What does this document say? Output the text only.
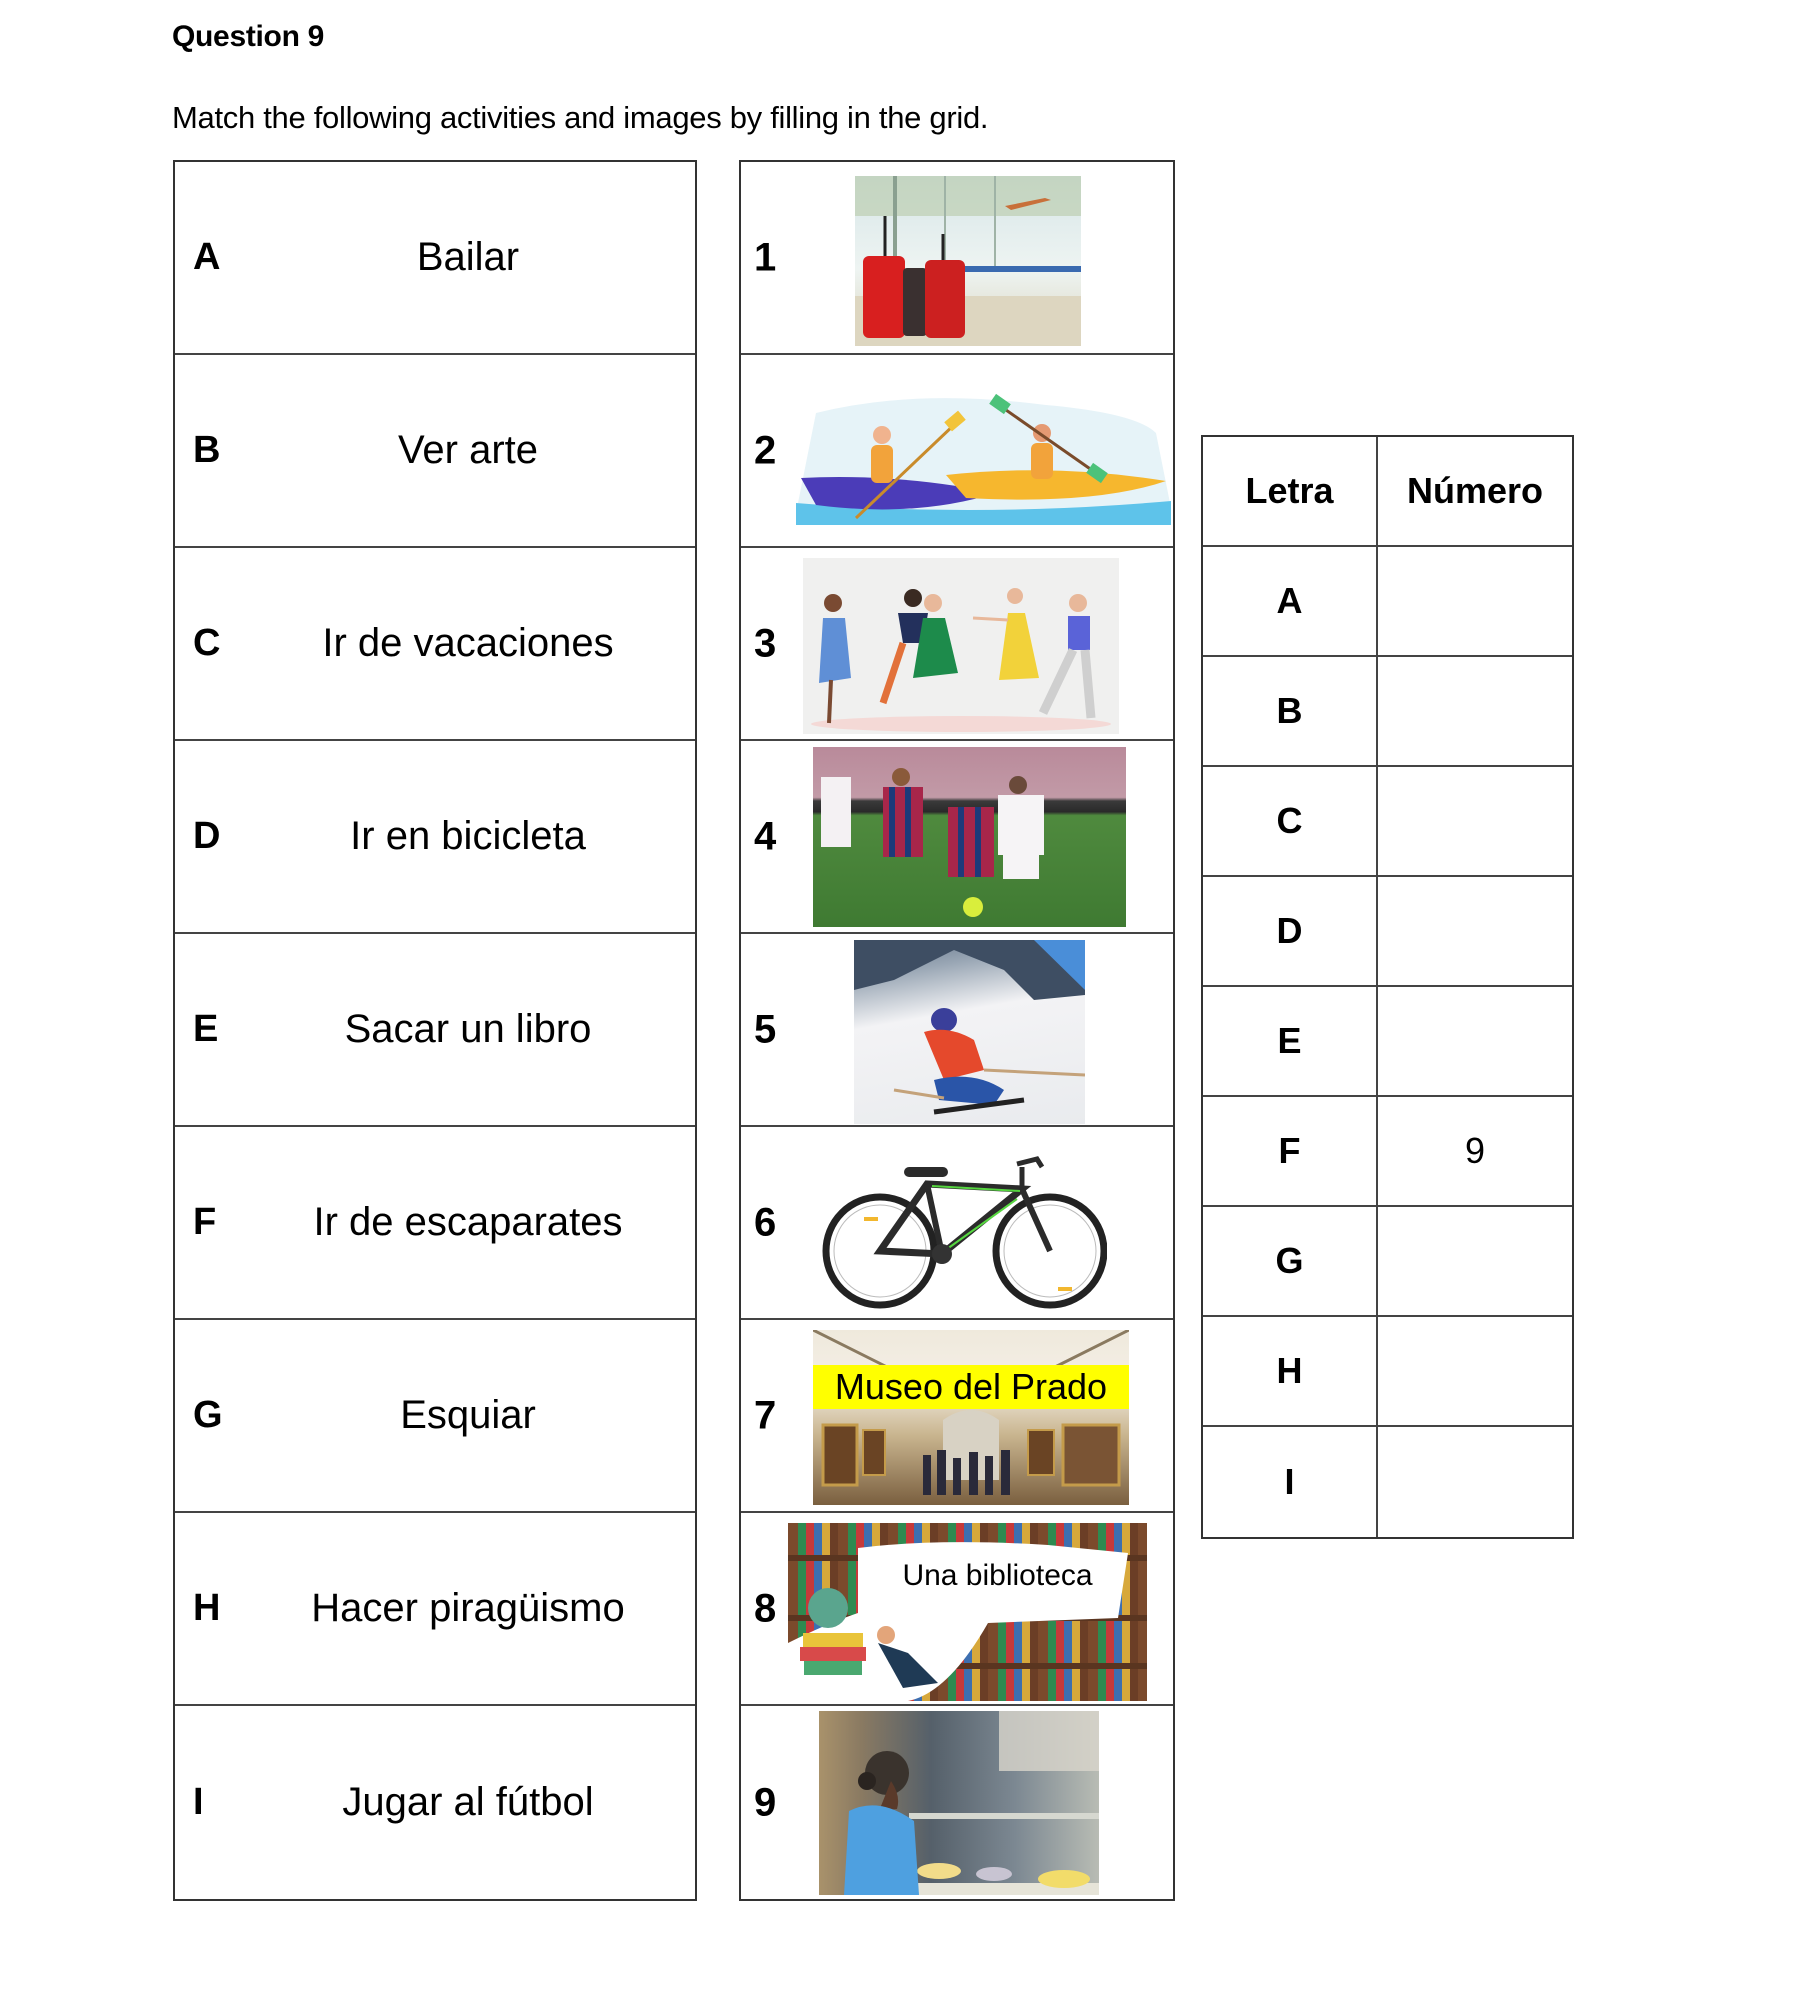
Question 9
Match the following activities and images by filling in the grid.
A	Bailar
B	Ver arte
C	Ir de vacaciones
D	Ir en bicicleta
E	Sacar un libro
F	Ir de escaparates
G	Esquiar
H	Hacer piragüismo
I	Jugar al fútbol
1
2
3
4
5
6
7
Museo del Prado
8
Una biblioteca
9
Letra	Número
A
B
C
D
E
F	9
G
H
I
